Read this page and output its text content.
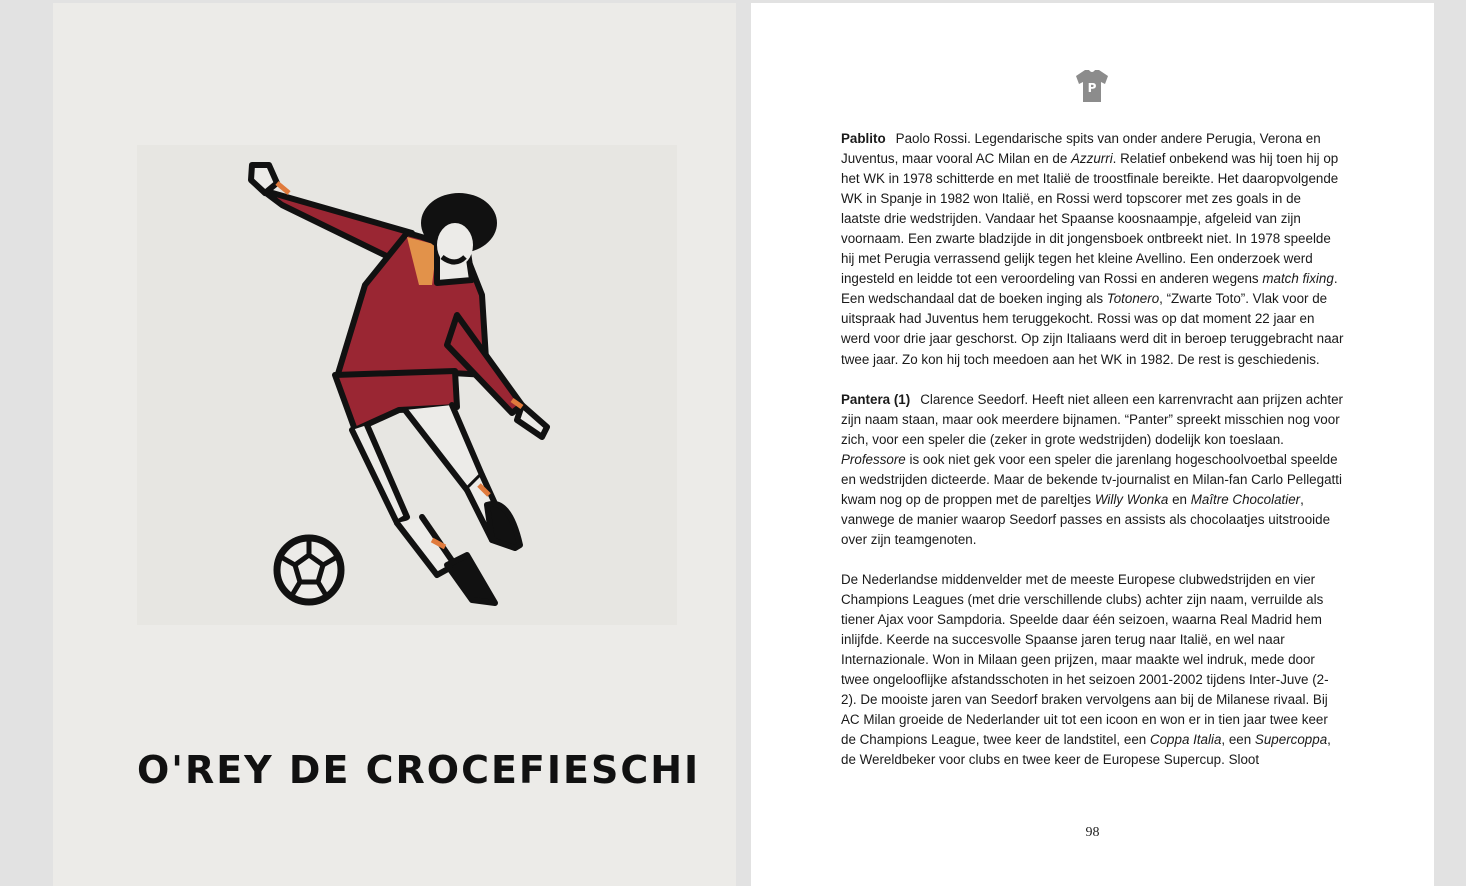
O'REY DE CROCEFIESCHI
P

Pablito Paolo Rossi. Legendarische spits van onder andere Perugia, Verona en Juventus, maar vooral AC Milan en de Azzurri. Relatief onbekend was hij toen hij op het WK in 1978 schitterde en met Italië de troostfinale bereikte. Het daaropvolgende WK in Spanje in 1982 won Italië, en Rossi werd topscorer met zes goals in de laatste drie wedstrijden. Vandaar het Spaanse koosnaampje, afgeleid van zijn voornaam. Een zwarte bladzijde in dit jongensboek ontbreekt niet. In 1978 speelde hij met Perugia verrassend gelijk tegen het kleine Avellino. Een onderzoek werd ingesteld en leidde tot een veroordeling van Rossi en anderen wegens match fixing. Een wedschandaal dat de boeken inging als Totonero, “Zwarte Toto”. Vlak voor de uitspraak had Juventus hem teruggekocht. Rossi was op dat moment 22 jaar en werd voor drie jaar geschorst. Op zijn Italiaans werd dit in beroep teruggebracht naar twee jaar. Zo kon hij toch meedoen aan het WK in 1982. De rest is geschiedenis.

Pantera (1) Clarence Seedorf. Heeft niet alleen een karrenvracht aan prijzen achter zijn naam staan, maar ook meerdere bijnamen. “Panter” spreekt misschien nog voor zich, voor een speler die (zeker in grote wedstrijden) dodelijk kon toeslaan. Professore is ook niet gek voor een speler die jarenlang hogeschoolvoetbal speelde en wedstrijden dicteerde. Maar de bekende tv-journalist en Milan-fan Carlo Pellegatti kwam nog op de proppen met de pareltjes Willy Wonka en Maître Chocolatier, vanwege de manier waarop Seedorf passes en assists als chocolaatjes uitstrooide over zijn teamgenoten.

De Nederlandse middenvelder met de meeste Europese clubwedstrijden en vier Champions Leagues (met drie verschillende clubs) achter zijn naam, verruilde als tiener Ajax voor Sampdoria. Speelde daar één seizoen, waarna Real Madrid hem inlijfde. Keerde na succesvolle Spaanse jaren terug naar Italië, en wel naar Internazionale. Won in Milaan geen prijzen, maar maakte wel indruk, mede door twee ongelooflijke afstandsschoten in het seizoen 2001-2002 tijdens Inter-Juve (2-2). De mooiste jaren van Seedorf braken vervolgens aan bij de Milanese rivaal. Bij AC Milan groeide de Nederlander uit tot een icoon en won er in tien jaar twee keer de Champions League, twee keer de landstitel, een Coppa Italia, een Supercoppa, de Wereldbeker voor clubs en twee keer de Europese Supercup. Sloot

98
